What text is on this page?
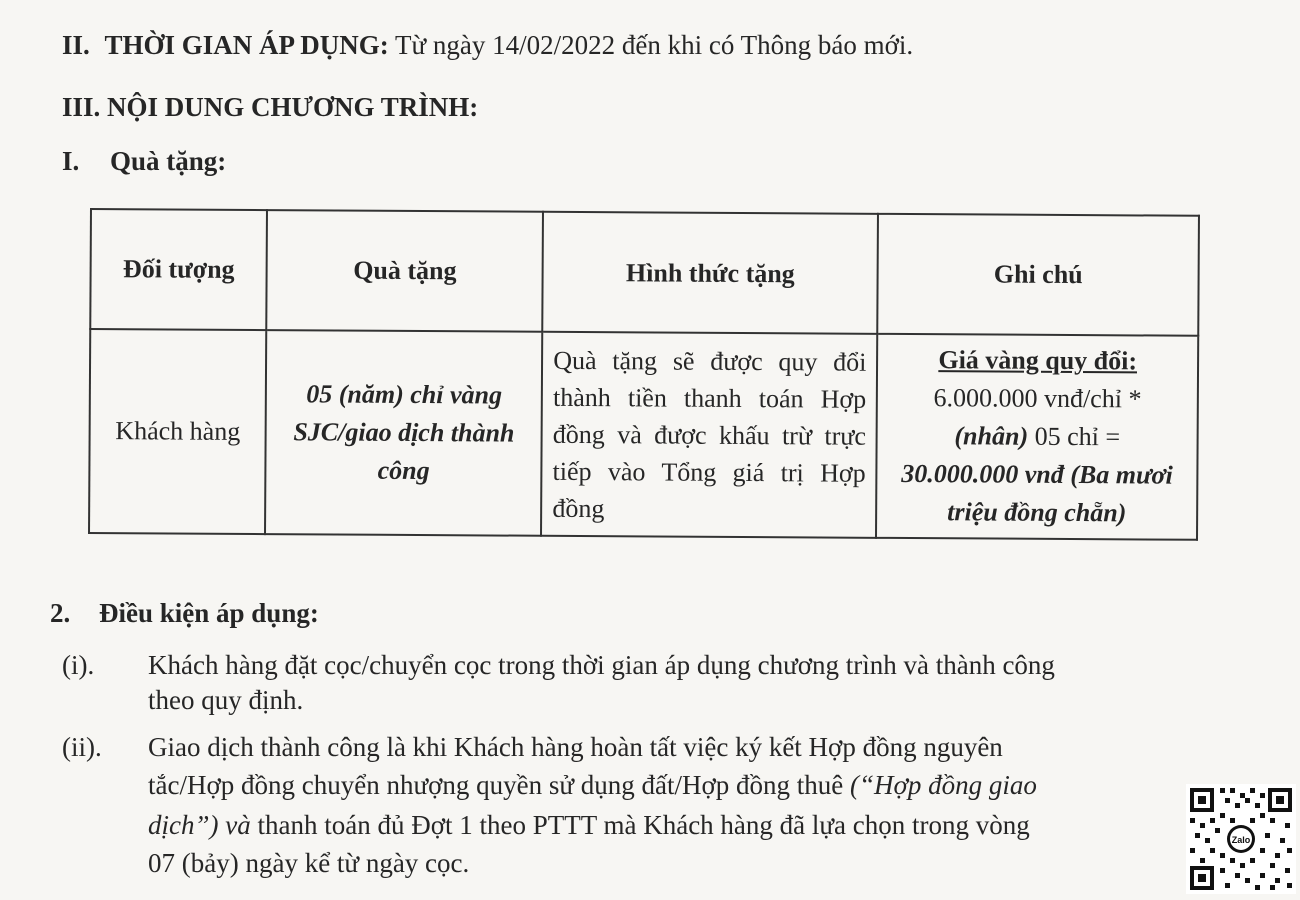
II. THỜI GIAN ÁP DỤNG: Từ ngày 14/02/2022 đến khi có Thông báo mới.
III. NỘI DUNG CHƯƠNG TRÌNH:
I. Quà tặng:
Đối tượng	Quà tặng	Hình thức tặng	Ghi chú
Khách hàng	05 (năm) chỉ vàng SJC/giao dịch thành công	Quà tặng sẽ được quy đổi thành tiền thanh toán Hợp đồng và được khấu trừ trực tiếp vào Tổng giá trị Hợp đồng	Giá vàng quy đổi:
6.000.000 vnđ/chỉ *
(nhân) 05 chỉ =
30.000.000 vnđ (Ba mươi triệu đồng chẵn)
2. Điều kiện áp dụng:
(i). Khách hàng đặt cọc/chuyển cọc trong thời gian áp dụng chương trình và thành công
theo quy định.
(ii). Giao dịch thành công là khi Khách hàng hoàn tất việc ký kết Hợp đồng nguyên
tắc/Hợp đồng chuyển nhượng quyền sử dụng đất/Hợp đồng thuê (“Hợp đồng giao
dịch”) và thanh toán đủ Đợt 1 theo PTTT mà Khách hàng đã lựa chọn trong vòng
07 (bảy) ngày kể từ ngày cọc.
Zalo
